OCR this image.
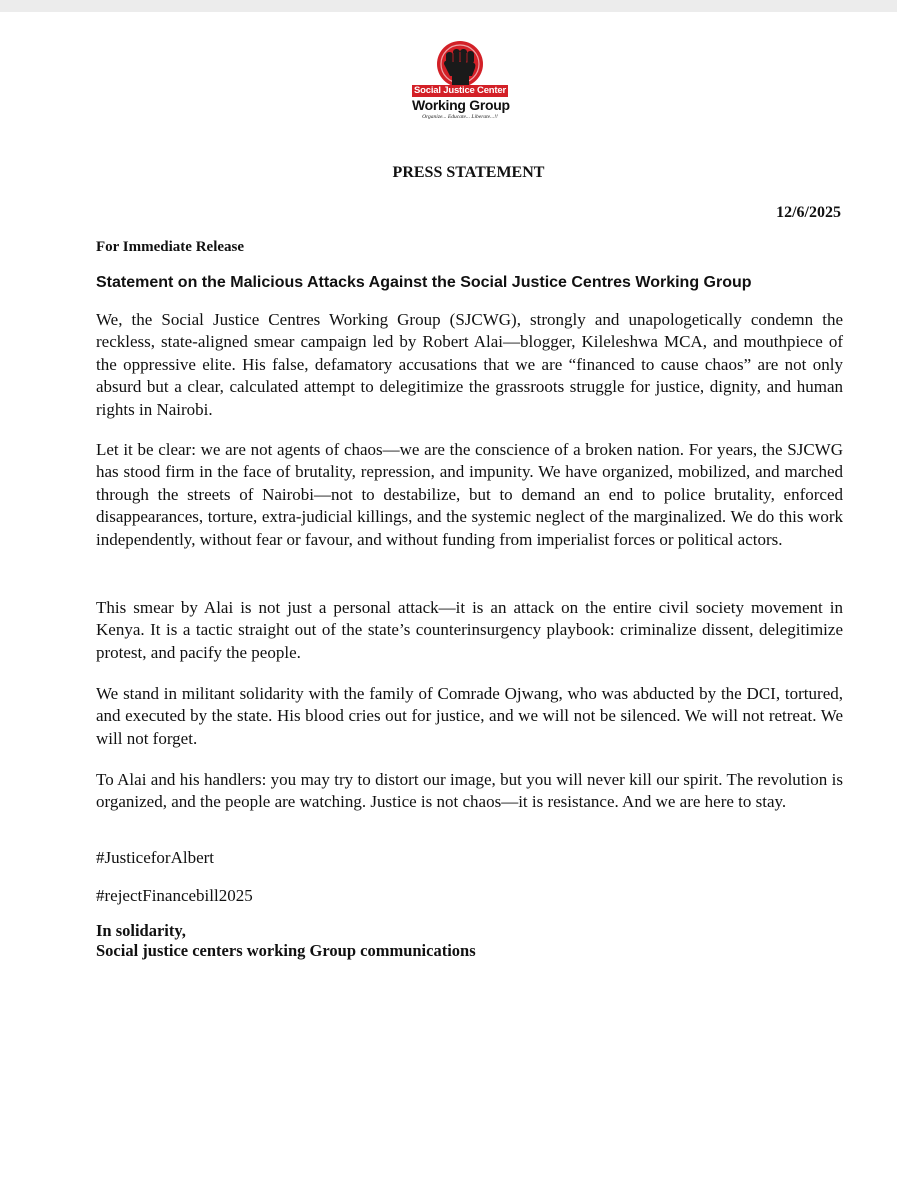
Social Justice Center
Working Group
Organize... Educate... Liberate...!!
PRESS STATEMENT

12/6/2025

For Immediate Release

Statement on the Malicious Attacks Against the Social Justice Centres Working Group

We, the Social Justice Centres Working Group (SJCWG), strongly and unapologetically condemn the reckless, state-aligned smear campaign led by Robert Alai—blogger, Kileleshwa MCA, and mouthpiece of the oppressive elite. His false, defamatory accusations that we are “financed to cause chaos” are not only absurd but a clear, calculated attempt to delegitimize the grassroots struggle for justice, dignity, and human rights in Nairobi.

Let it be clear: we are not agents of chaos—we are the conscience of a broken nation. For years, the SJCWG has stood firm in the face of brutality, repression, and impunity. We have organized, mobilized, and marched through the streets of Nairobi—not to destabilize, but to demand an end to police brutality, enforced disappearances, torture, extra-judicial killings, and the systemic neglect of the marginalized. We do this work independently, without fear or favour, and without funding from imperialist forces or political actors.

This smear by Alai is not just a personal attack—it is an attack on the entire civil society movement in Kenya. It is a tactic straight out of the state’s counterinsurgency playbook: criminalize dissent, delegitimize protest, and pacify the people.

We stand in militant solidarity with the family of Comrade Ojwang, who was abducted by the DCI, tortured, and executed by the state. His blood cries out for justice, and we will not be silenced. We will not retreat. We will not forget.

To Alai and his handlers: you may try to distort our image, but you will never kill our spirit. The revolution is organized, and the people are watching. Justice is not chaos—it is resistance. And we are here to stay.

#JusticeforAlbert

#rejectFinancebill2025

In solidarity,

Social justice centers working Group communications
